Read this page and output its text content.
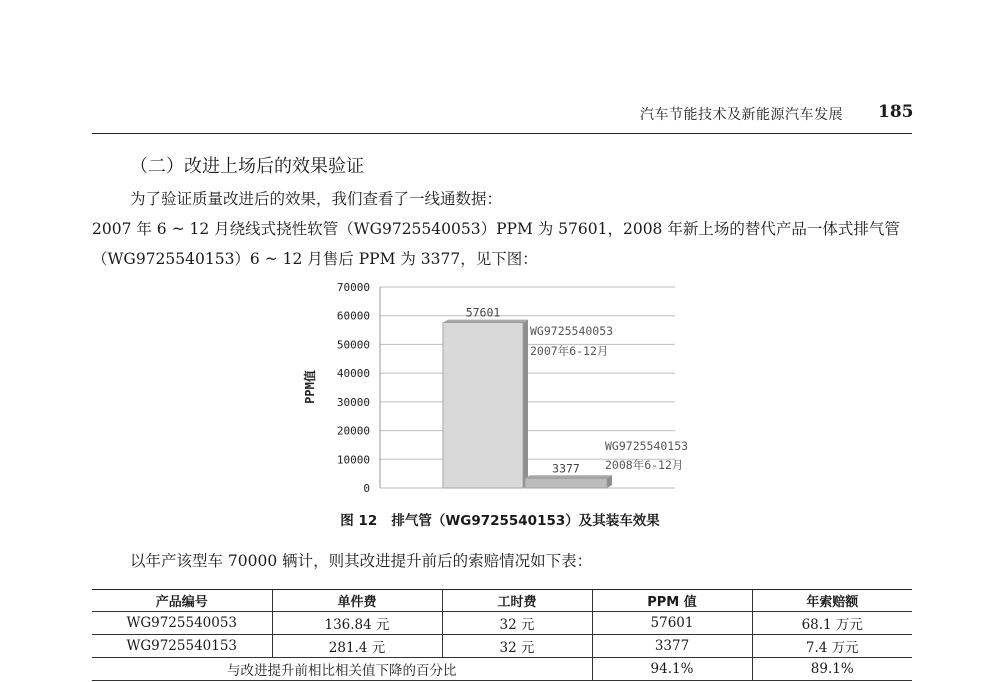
汽车节能技术及新能源汽车发展 185
（二）改进上场后的效果验证
为了验证质量改进后的效果，我们查看了一线通数据：
2007 年 6 ~ 12 月绕线式挠性软管（WG9725540053）PPM 为 57601，2008 年新上场的替代产品一体式排气管
（WG9725540153）6 ~ 12 月售后 PPM 为 3377，见下图：
70000
60000
50000
40000
30000
20000
10000
0
PPM值
57601
3377
WG9725540053
2007年6-12月
WG9725540153
2008年6-12月
图 12 排气管（WG9725540153）及其装车效果
以年产该型车 70000 辆计，则其改进提升前后的索赔情况如下表：
产品编号	单件费	工时费	PPM 值	年索赔额
WG9725540053	136.84 元	32 元	57601	68.1 万元
WG9725540153	281.4 元	32 元	3377	7.4 万元
与改进提升前相比相关值下降的百分比			94.1%	89.1%
